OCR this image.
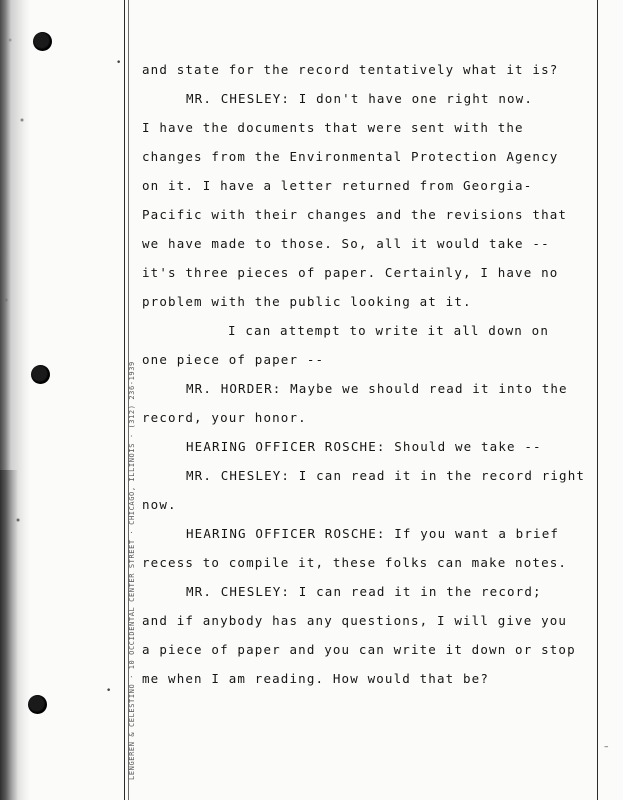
LENGEREN & CELESTINO · 10 OCCIDENTAL CENTER STREET · CHICAGO, ILLINOIS · (312) 236-1939
•
•
–
and state for the record tentatively what it is?
MR. CHESLEY: I don't have one right now.
I have the documents that were sent with the
changes from the Environmental Protection Agency
on it. I have a letter returned from Georgia-
Pacific with their changes and the revisions that
we have made to those. So, all it would take --
it's three pieces of paper. Certainly, I have no
problem with the public looking at it.
I can attempt to write it all down on
one piece of paper --
MR. HORDER: Maybe we should read it into the
record, your honor.
HEARING OFFICER ROSCHE: Should we take --
MR. CHESLEY: I can read it in the record right
now.
HEARING OFFICER ROSCHE: If you want a brief
recess to compile it, these folks can make notes.
MR. CHESLEY: I can read it in the record;
and if anybody has any questions, I will give you
a piece of paper and you can write it down or stop
me when I am reading. How would that be?
